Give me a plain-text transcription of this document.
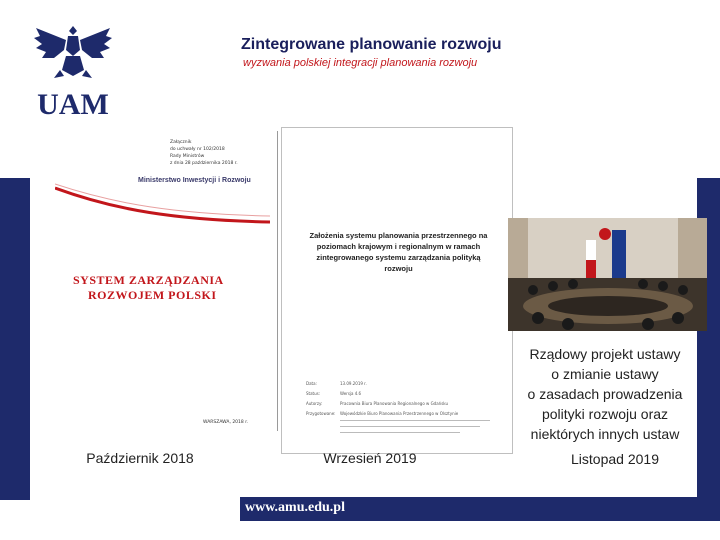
UAM
Zintegrowane planowanie rozwoju
wyzwania polskiej integracji planowania rozwoju
Załącznik
do uchwały nr 102/2018
Rady Ministrów
z dnia 28 października 2018 r.
Ministerstwo Inwestycji i Rozwoju
SYSTEM ZARZĄDZANIA
ROZWOJEM POLSKI
WARSZAWA, 2018 r.
Założenia systemu planowania przestrzennego na
poziomach krajowym i regionalnym w ramach
zintegrowanego systemu zarządzania polityką
rozwoju
Data:	13.09.2019 r.
Status:	Wersja 4.6
Autorzy:	Pracownia Biura Planowania Regionalnego w Gdańsku
Przygotowane: Wojewódzkie Biuro Planowania Przestrzennego w Olsztynie
Rządowy projekt ustawy
o zmianie ustawy
o zasadach prowadzenia
polityki rozwoju oraz
niektórych innych ustaw
Październik 2018	Wrzesień 2019	Listopad 2019
www.amu.edu.pl
